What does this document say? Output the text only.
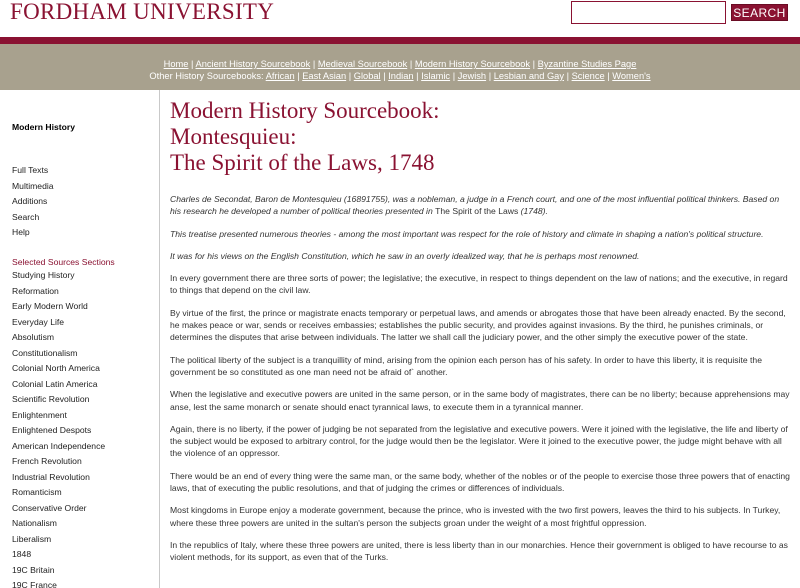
FORDHAM UNIVERSITY	SEARCH
Home | Ancient History Sourcebook | Medieval Sourcebook | Modern History Sourcebook | Byzantine Studies Page
Other History Sourcebooks: African | East Asian | Global | Indian | Islamic | Jewish | Lesbian and Gay | Science | Women's
Modern History
Full Texts
Multimedia
Additions
Search
Help
Selected Sources Sections
Studying History
Reformation
Early Modern World
Everyday Life
Absolutism
Constitutionalism
Colonial North America
Colonial Latin America
Scientific Revolution
Enlightenment
Enlightened Despots
American Independence
French Revolution
Industrial Revolution
Romanticism
Conservative Order
Nationalism
Liberalism
1848
19C Britain
19C France
Modern History Sourcebook:
Montesquieu:
The Spirit of the Laws, 1748

Charles de Secondat, Baron de Montesquieu (16891755), was a nobleman, a judge in a French court, and one of the most influential political thinkers. Based on his research he developed a number of political theories presented in The Spirit of the Laws (1748).

This treatise presented numerous theories - among the most important was respect for the role of history and climate in shaping a nation's political structure.

It was for his views on the English Constitution, which he saw in an overly idealized way, that he is perhaps most renowned.

In every government there are three sorts of power; the legislative; the executive, in respect to things dependent on the law of nations; and the executive, in regard to things that depend on the civil law.

By virtue of the first, the prince or magistrate enacts temporary or perpetual laws, and amends or abrogates those that have been already enacted. By the second, he makes peace or war, sends or receives embassies; establishes the public security, and provides against invasions. By the third, he punishes criminals, or determines the disputes that arise between individuals. The latter we shall call the judiciary power, and the other simply the executive power of the state.

The political liberty of the subject is a tranquillity of mind, arising from the opinion each person has of his safety. In order to have this liberty, it is requisite the government be so constituted as one man need not be afraid of` another.

When the legislative and executive powers are united in the same person, or in the same body of magistrates, there can be no liberty; because apprehensions may anse, lest the same monarch or senate should enact tyrannical laws, to execute them in a tyrannical manner.

Again, there is no liberty, if the power of judging be not separated from the legislative and executive powers. Were it joined with the legislative, the life and liberty of the subject would be exposed to arbitrary control, for the judge would then be the legislator. Were it joined to the executive power, the judge might behave with all the violence of an oppressor.

There would be an end of every thing were the same man, or the same body, whether of the nobles or of the people to exercise those three powers that of enacting laws, that of executing the public resolutions, and that of judging the crimes or differences of individuals.

Most kingdoms in Europe enjoy a moderate government, because the prince, who is invested with the two first powers, leaves the third to his subjects. In Turkey, where these three powers are united in the sultan's person the subjects groan under the weight of a most frightful oppression.

In the republics of Italy, where these three powers are united, there is less liberty than in our monarchies. Hence their government is obliged to have recourse to as violent methods, for its support, as even that of the Turks.
